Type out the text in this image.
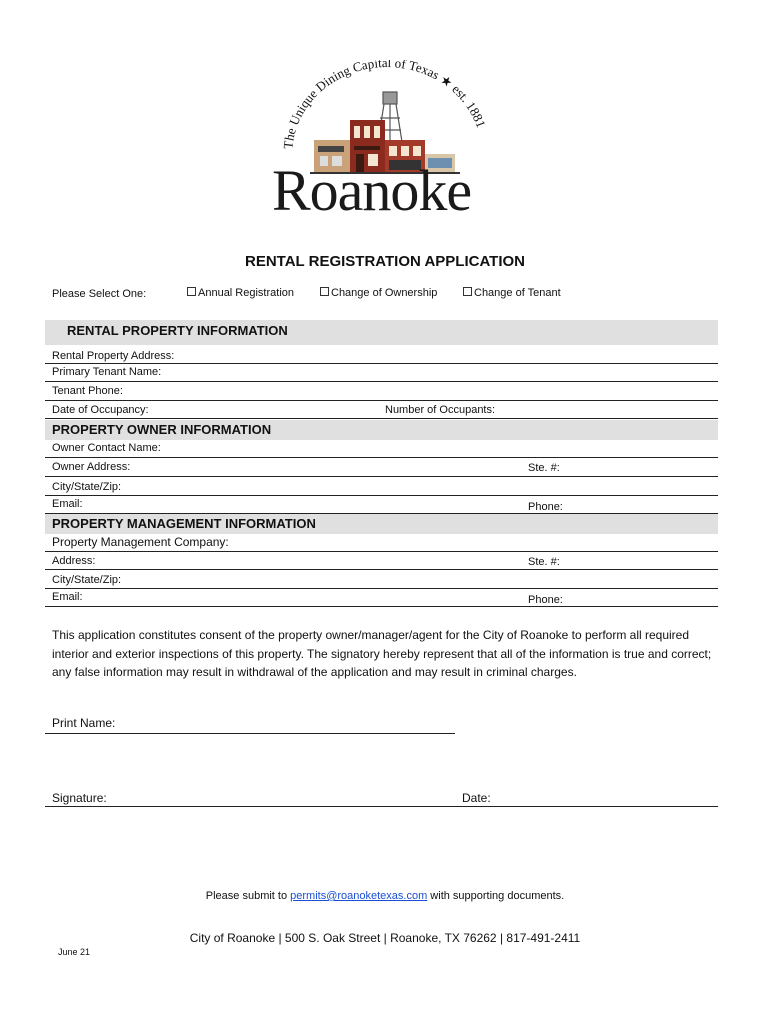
The Unique Dining Capital of Texas ★ est. 1881
Roanoke
RENTAL REGISTRATION APPLICATION
Please Select One:	Annual Registration	Change of Ownership	Change of Tenant
RENTAL PROPERTY INFORMATION
Rental Property Address:
Primary Tenant Name:
Tenant Phone:
Date of Occupancy:	Number of Occupants:
PROPERTY OWNER INFORMATION
Owner Contact Name:
Owner Address:	Ste. #:
City/State/Zip:
Email:	Phone:
PROPERTY MANAGEMENT INFORMATION
Property Management Company:
Address:	Ste. #:
City/State/Zip:
Email:	Phone:
This application constitutes consent of the property owner/manager/agent for the City of Roanoke to perform all required interior and exterior inspections of this property. The signatory hereby represent that all of the information is true and correct; any false information may result in withdrawal of the application and may result in criminal charges.
Print Name:
Signature:	Date:
Please submit to permits@roanoketexas.com with supporting documents.
City of Roanoke | 500 S. Oak Street | Roanoke, TX 76262 | 817-491-2411
June 21
